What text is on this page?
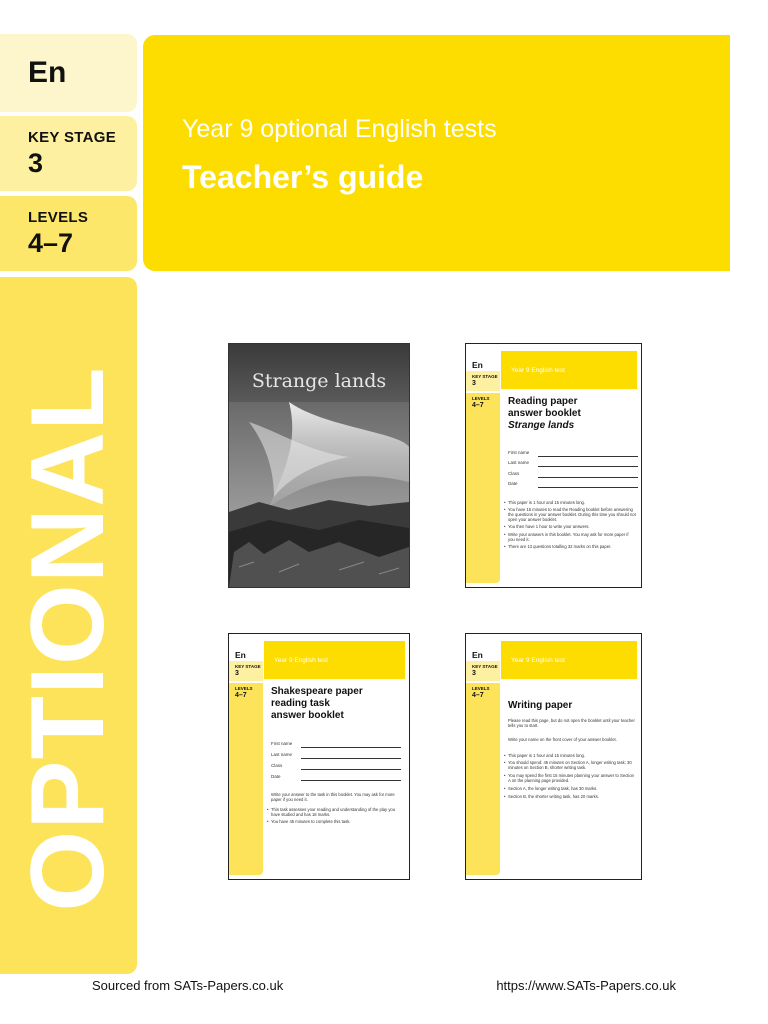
En
KEY STAGE
3
LEVELS
4–7
OPTIONAL
Year 9 optional English tests
Teacher’s guide
Strange lands	Year 9 English test
En
KEY STAGE
3
LEVELS
4–7 Reading paper
answer booklet
Strange lands
First name
Last name
Class
Date
• This paper is 1 hour and 15 minutes long.
• You have 15 minutes to read the Reading booklet before answering the questions in your answer booklet. During this time you should not open your answer booklet.
• You then have 1 hour to write your answers.
• Write your answers in this booklet. You may ask for more paper if you need it.
• There are 13 questions totalling 32 marks on this paper.
Year 9 English test
En
KEY STAGE
3
LEVELS
4–7 Shakespeare paper
reading task
answer booklet
First name
Last name
Class
Date
Write your answer to the task in this booklet. You may ask for more paper if you need it.
• This task assesses your reading and understanding of the play you have studied and has 18 marks.
• You have 45 minutes to complete this task.
Year 9 English test
En
KEY STAGE
3
LEVELS
4–7
Writing paper
Please read this page, but do not open the booklet until your teacher tells you to start.
Write your name on the front cover of your answer booklet.
• This paper is 1 hour and 15 minutes long.
• You should spend: 45 minutes on Section A, longer writing task; 30 minutes on Section B, shorter writing task.
• You may spend the first 15 minutes planning your answer to Section A on the planning page provided.
• Section A, the longer writing task, has 30 marks.
• Section B, the shorter writing task, has 20 marks.
Sourced from SATs-Papers.co.uk	https://www.SATs-Papers.co.uk
